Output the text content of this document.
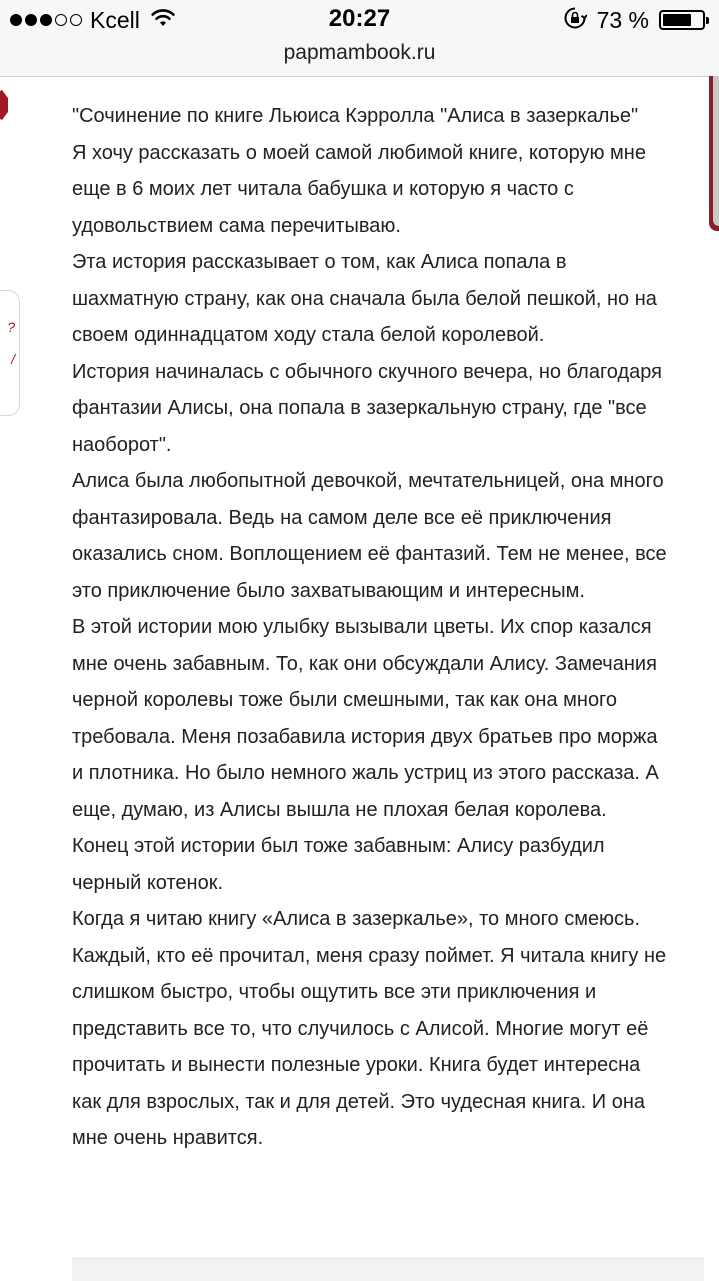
Kcell	20:27	73 %
papmambook.ru
?
/

"Сочинение по книге Льюиса Кэрролла "Алиса в зазеркалье"

Я хочу рассказать о моей самой любимой книге, которую мне еще в 6 моих лет читала бабушка и которую я часто с удовольствием сама перечитываю.

Эта история рассказывает о том, как Алиса попала в шахматную страну, как она сначала была белой пешкой, но на своем одиннадцатом ходу стала белой королевой.

История начиналась с обычного скучного вечера, но благодаря фантазии Алисы, она попала в зазеркальную страну, где "все наоборот".

Алиса была любопытной девочкой, мечтательницей, она много фантазировала. Ведь на самом деле все её приключения оказались сном. Воплощением её фантазий. Тем не менее, все это приключение было захватывающим и интересным.

В этой истории мою улыбку вызывали цветы. Их спор казался мне очень забавным. То, как они обсуждали Алису. Замечания черной королевы тоже были смешными, так как она много требовала. Меня позабавила история двух братьев про моржа и плотника. Но было немного жаль устриц из этого рассказа. А еще, думаю, из Алисы вышла не плохая белая королева.

Конец этой истории был тоже забавным: Алису разбудил черный котенок.

Когда я читаю книгу «Алиса в зазеркалье», то много смеюсь. Каждый, кто её прочитал, меня сразу поймет. Я читала книгу не слишком быстро, чтобы ощутить все эти приключения и представить все то, что случилось с Алисой. Многие могут её прочитать и вынести полезные уроки. Книга будет интересна как для взрослых, так и для детей. Это чудесная книга. И она мне очень нравится.
